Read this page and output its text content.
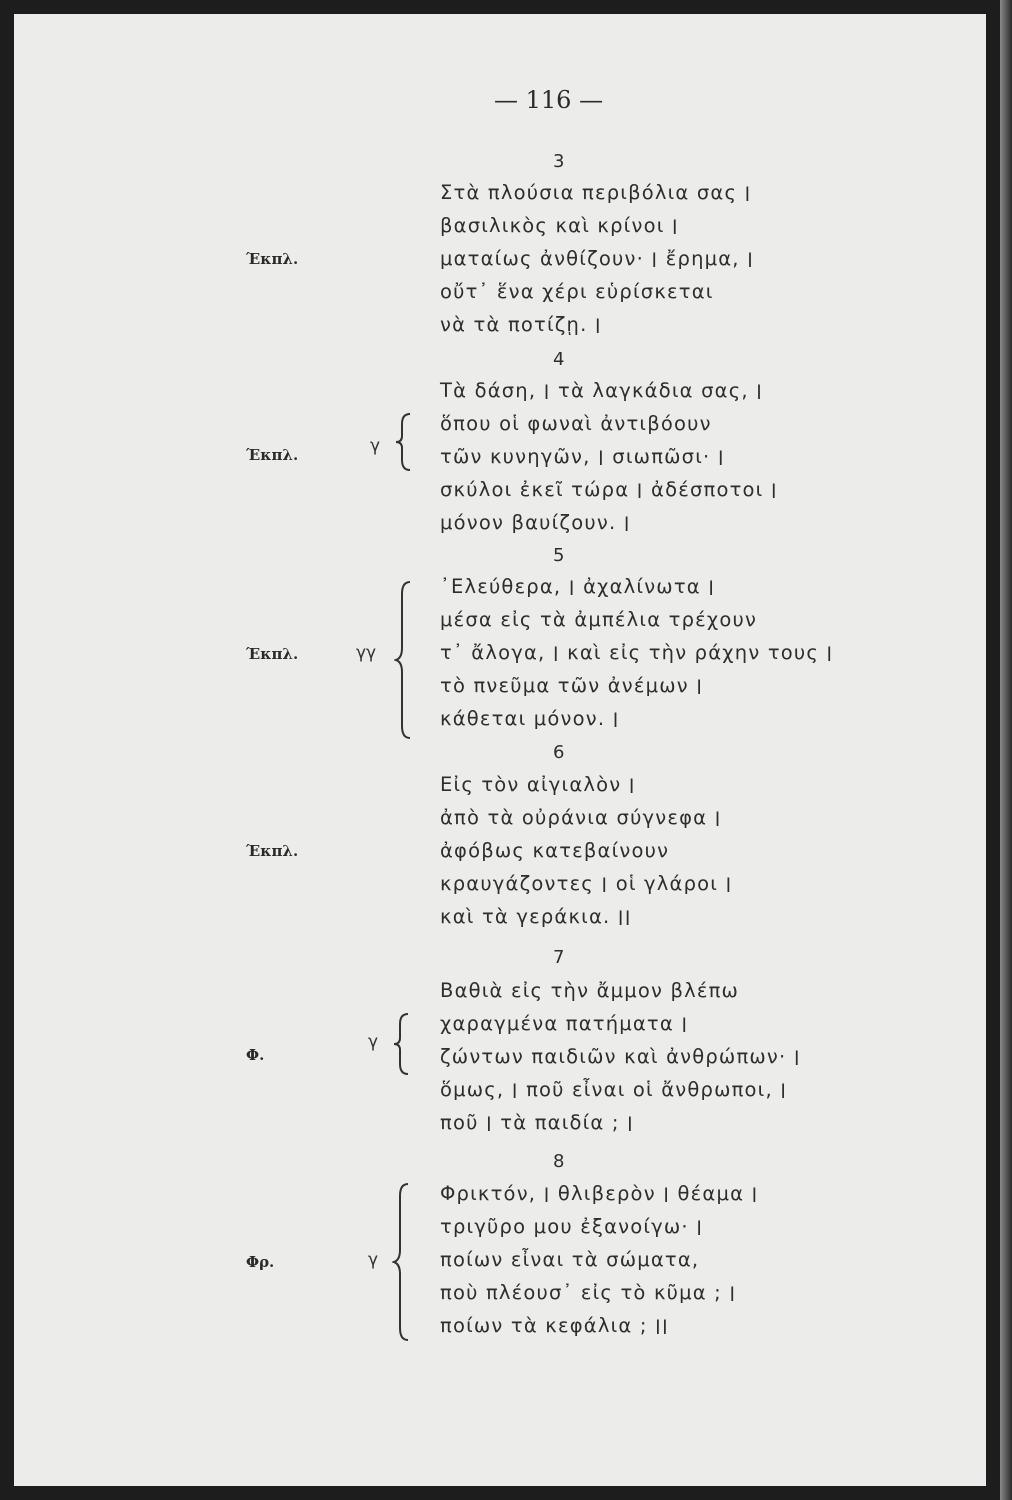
— 116 —
3
Στὰ πλούσια περιβόλια σας ׀
βασιλικὸς καὶ κρίνοι ׀
ματαίως ἀνθίζουν· ׀ ἔρημα, ׀
οὔτ᾽ ἕνα χέρι εὑρίσκεται
νὰ τὰ ποτίζῃ. ׀
Έκπλ.
4
Τὰ δάση, ׀ τὰ λαγκάδια σας, ׀
ὅπου οἱ φωναὶ ἀντιβόουν
τῶν κυνηγῶν, ׀ σιωπῶσι· ׀
σκύλοι ἐκεῖ τώρα ׀ ἀδέσποτοι ׀
μόνον βαυίζουν. ׀
Έκπλ.	γ
5
᾽Ελεύθερα, ׀ ἀχαλίνωτα ׀
μέσα εἰς τὰ ἀμπέλια τρέχουν
τ᾽ ἄλογα, ׀ καὶ εἰς τὴν ράχην τους ׀
τὸ πνεῦμα τῶν ἀνέμων ׀
κάθεται μόνον. ׀
Έκπλ.	γγ
6
Εἰς τὸν αἰγιαλὸν ׀
ἀπὸ τὰ οὐράνια σύγνεφα ׀
ἀφόβως κατεβαίνουν
κραυγάζοντες ׀ οἱ γλάροι ׀
καὶ τὰ γεράκια. ׀׀
Έκπλ.
7
Βαθιὰ εἰς τὴν ἄμμον βλέπω
χαραγμένα πατήματα ׀
ζώντων παιδιῶν καὶ ἀνθρώπων· ׀
ὅμως, ׀ ποῦ εἶναι οἱ ἄνθρωποι, ׀
ποῦ ׀ τὰ παιδία ; ׀
Φ.
γ
8
Φρικτόν, ׀ θλιβερὸν ׀ θέαμα ׀
τριγῦρο μου ἐξανοίγω· ׀
ποίων εἶναι τὰ σώματα,
ποὺ πλέουσ᾽ εἰς τὸ κῦμα ; ׀
ποίων τὰ κεφάλια ; ׀׀
Φρ.	γ
